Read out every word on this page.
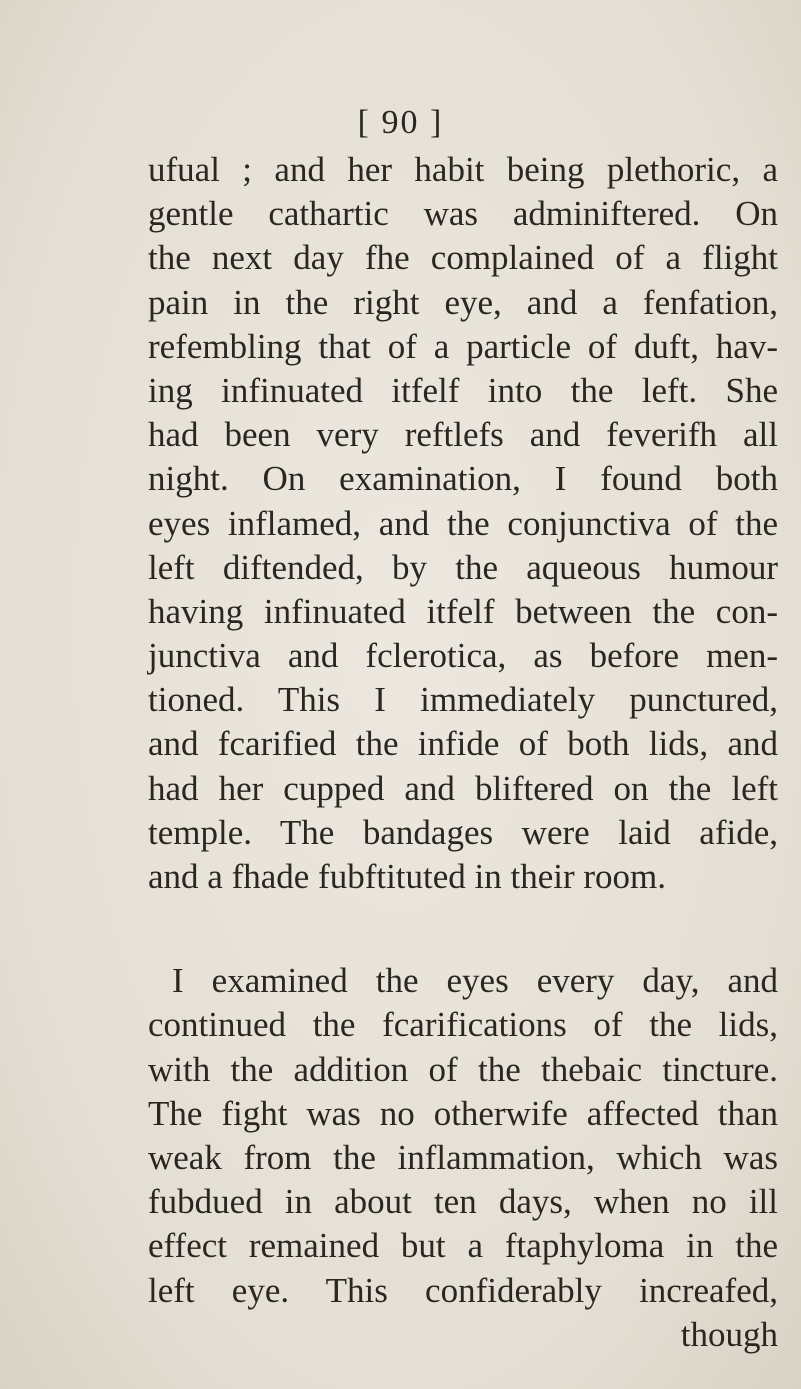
[ 90 ]
ufual ; and her habit being plethoric, a
gentle cathartic was adminiftered. On
the next day fhe complained of a flight
pain in the right eye, and a fenfation,
refembling that of a particle of duft, hav-
ing infinuated itfelf into the left. She
had been very reftlefs and feverifh all
night. On examination, I found both
eyes inflamed, and the conjunctiva of the
left diftended, by the aqueous humour
having infinuated itfelf between the con-
junctiva and fclerotica, as before men-
tioned. This I immediately punctured,
and fcarified the infide of both lids, and
had her cupped and bliftered on the left
temple. The bandages were laid afide,
and a fhade fubftituted in their room.
I examined the eyes every day, and
continued the fcarifications of the lids,
with the addition of the thebaic tincture.
The fight was no otherwife affected than
weak from the inflammation, which was
fubdued in about ten days, when no ill
effect remained but a ftaphyloma in the
left eye. This confiderably increafed,
though
